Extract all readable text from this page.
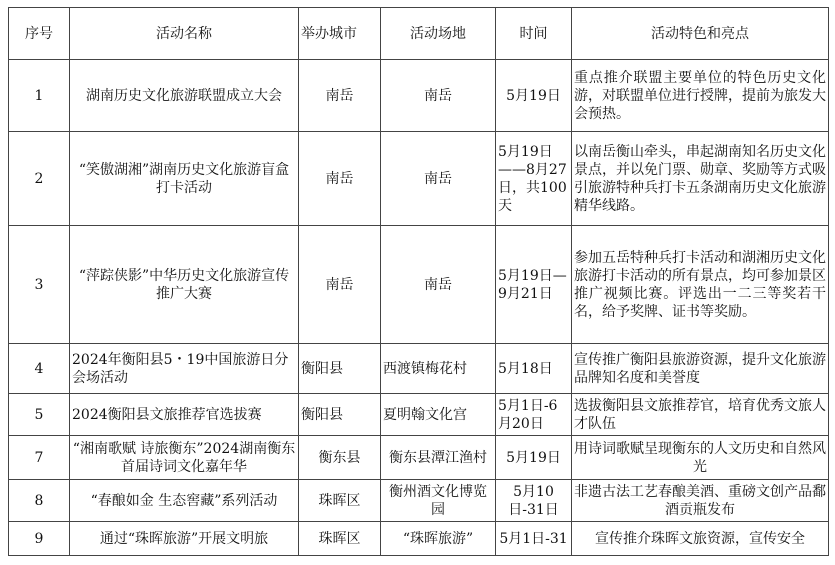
序号	活动名称	举办城市	活动场地	时间	活动特色和亮点
1	湖南历史文化旅游联盟成立大会	南岳	南岳	5月19日	重点推介联盟主要单位的特色历史文化游，对联盟单位进行授牌，提前为旅发大会预热。
2	“笑傲湖湘”湖南历史文化旅游盲盒打卡活动	南岳	南岳	5月19日——8月27日，共100天	以南岳衡山牵头，串起湖南知名历史文化景点，并以免门票、勋章、奖励等方式吸引旅游特种兵打卡五条湖南历史文化旅游精华线路。
3	“萍踪侠影”中华历史文化旅游宣传推广大赛	南岳	南岳	5月19日—9月21日	参加五岳特种兵打卡活动和湖湘历史文化旅游打卡活动的所有景点，均可参加景区推广视频比赛。评选出一二三等奖若干名，给予奖牌、证书等奖励。
4	2024年衡阳县5・19中国旅游日分会场活动	衡阳县	西渡镇梅花村	5月18日	宣传推广衡阳县旅游资源，提升文化旅游品牌知名度和美誉度
5	2024衡阳县文旅推荐官选拔赛	衡阳县	夏明翰文化宫	5月1日-6月20日	选拔衡阳县文旅推荐官，培育优秀文旅人才队伍
7	“湘南歌赋 诗旅衡东”2024湖南衡东首届诗词文化嘉年华	衡东县	衡东县潭江渔村	5月19日	用诗词歌赋呈现衡东的人文历史和自然风光
8	“春酿如金 生态窖藏”系列活动	珠晖区	衡州酒文化博览园	5月10日-31日	非遗古法工艺春酿美酒、重磅文创产品鄱酒贡瓶发布
9	通过“珠晖旅游”开展文明旅	珠晖区	“珠晖旅游”	5月1日-31	宣传推介珠晖文旅资源，宣传安全
